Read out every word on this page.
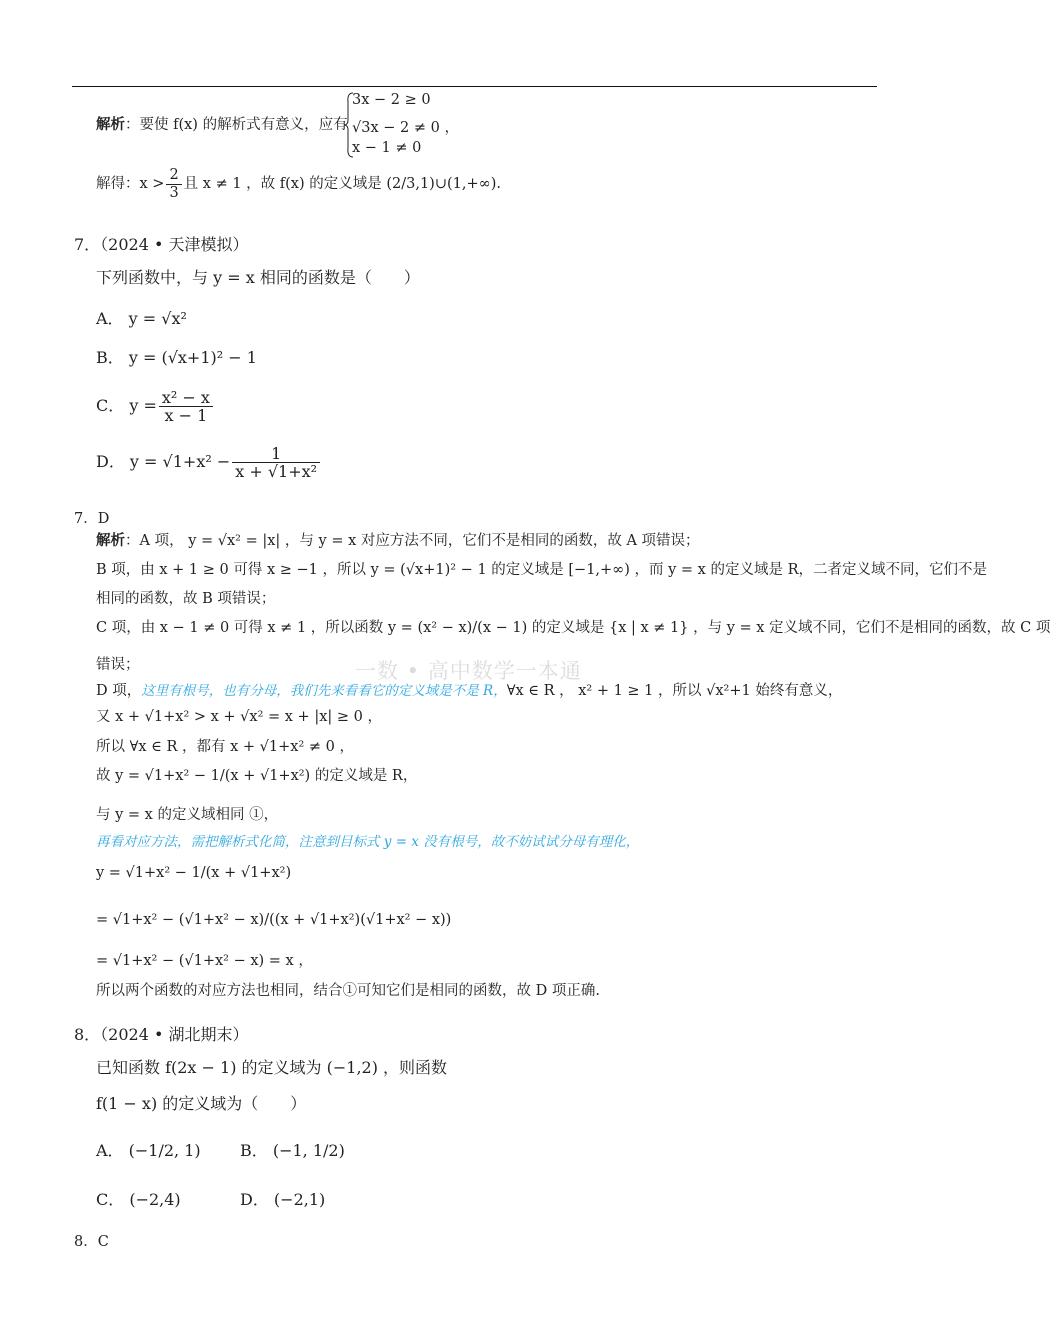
一数 • 高中数学一本通
解析：要使 f(x) 的解析式有意义，应有
3x − 2 ≥ 0
√3x − 2 ≠ 0 ，
x − 1 ≠ 0
解得：$x > \frac{2}{3}$ 且 x ≠ 1 ，故 f(x) 的定义域是 (2/3,1)∪(1,+∞).
7．（2024 • 天津模拟）
下列函数中，与 y = x 相同的函数是（　　）
A． y = √x²
B． y = (√x+1)² − 1
C． $y = \frac{\text{x² − x}}{x - 1}$
D． $y = √1+x^2 - \frac{1}{\text{x + √1+x²}}$
7．D
解析：A 项， y = √x² = |x| ，与 y = x 对应方法不同，它们不是相同的函数，故 A 项错误；
B 项，由 x + 1 ≥ 0 可得 x ≥ −1 ，所以 y = (√x+1)² − 1 的定义域是 [−1,+∞) ，而 y = x 的定义域是 R，二者定义域不同，它们不是
相同的函数，故 B 项错误；
C 项，由 x − 1 ≠ 0 可得 x ≠ 1 ，所以函数 y = (x² − x)/(x − 1) 的定义域是 {x | x ≠ 1} ，与 y = x 定义域不同，它们不是相同的函数，故 C 项
错误；
D 项，这里有根号，也有分母，我们先来看看它的定义域是不是 R，∀x ∈ R ， x² + 1 ≥ 1 ，所以 √x²+1 始终有意义，
又 x + √1+x² > x + √x² = x + |x| ≥ 0 ，
所以 ∀x ∈ R ，都有 x + √1+x² ≠ 0 ，
故 y = √1+x² − 1/(x + √1+x²) 的定义域是 R，
与 y = x 的定义域相同 ①，
再看对应方法，需把解析式化简，注意到目标式 y = x 没有根号，故不妨试试分母有理化，
y = √1+x² − 1/(x + √1+x²)
= √1+x² − (√1+x² − x)/((x + √1+x²)(√1+x² − x))
= √1+x² − (√1+x² − x) = x ，
所以两个函数的对应方法也相同，结合①可知它们是相同的函数，故 D 项正确.
8．（2024 • 湖北期末）
已知函数 f(2x − 1) 的定义域为 (−1,2) ，则函数
f(1 − x) 的定义域为（　　）
A． (−1/2, 1) B． (−1, 1/2)
C． (−2,4)	D． (−2,1)
8．C
